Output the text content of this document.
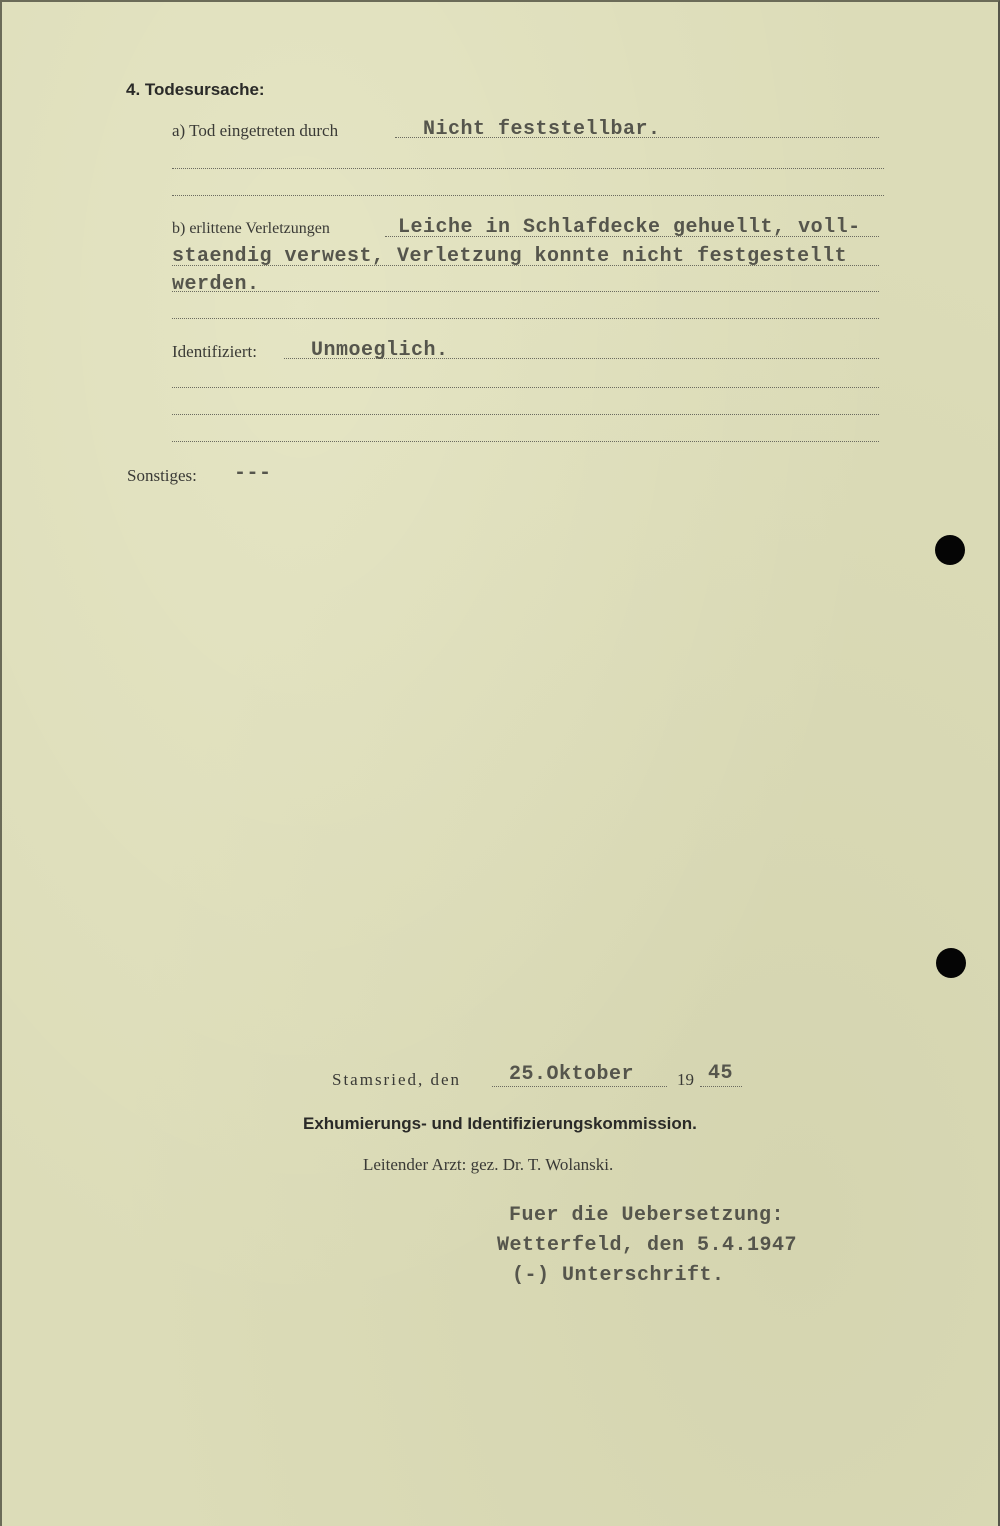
4. Todesursache:
a) Tod eingetreten durch	Nicht feststellbar.
b) erlittene Verletzungen	Leiche in Schlafdecke gehuellt, voll-
staendig verwest, Verletzung konnte nicht festgestellt
werden.
Identifiziert:	Unmoeglich.
Sonstiges: ---
Stamsried, den 25.Oktober	19 45
Exhumierungs- und Identifizierungskommission.
Leitender Arzt: gez. Dr. T. Wolanski.
Fuer die Uebersetzung:
Wetterfeld, den 5.4.1947
(-) Unterschrift.
